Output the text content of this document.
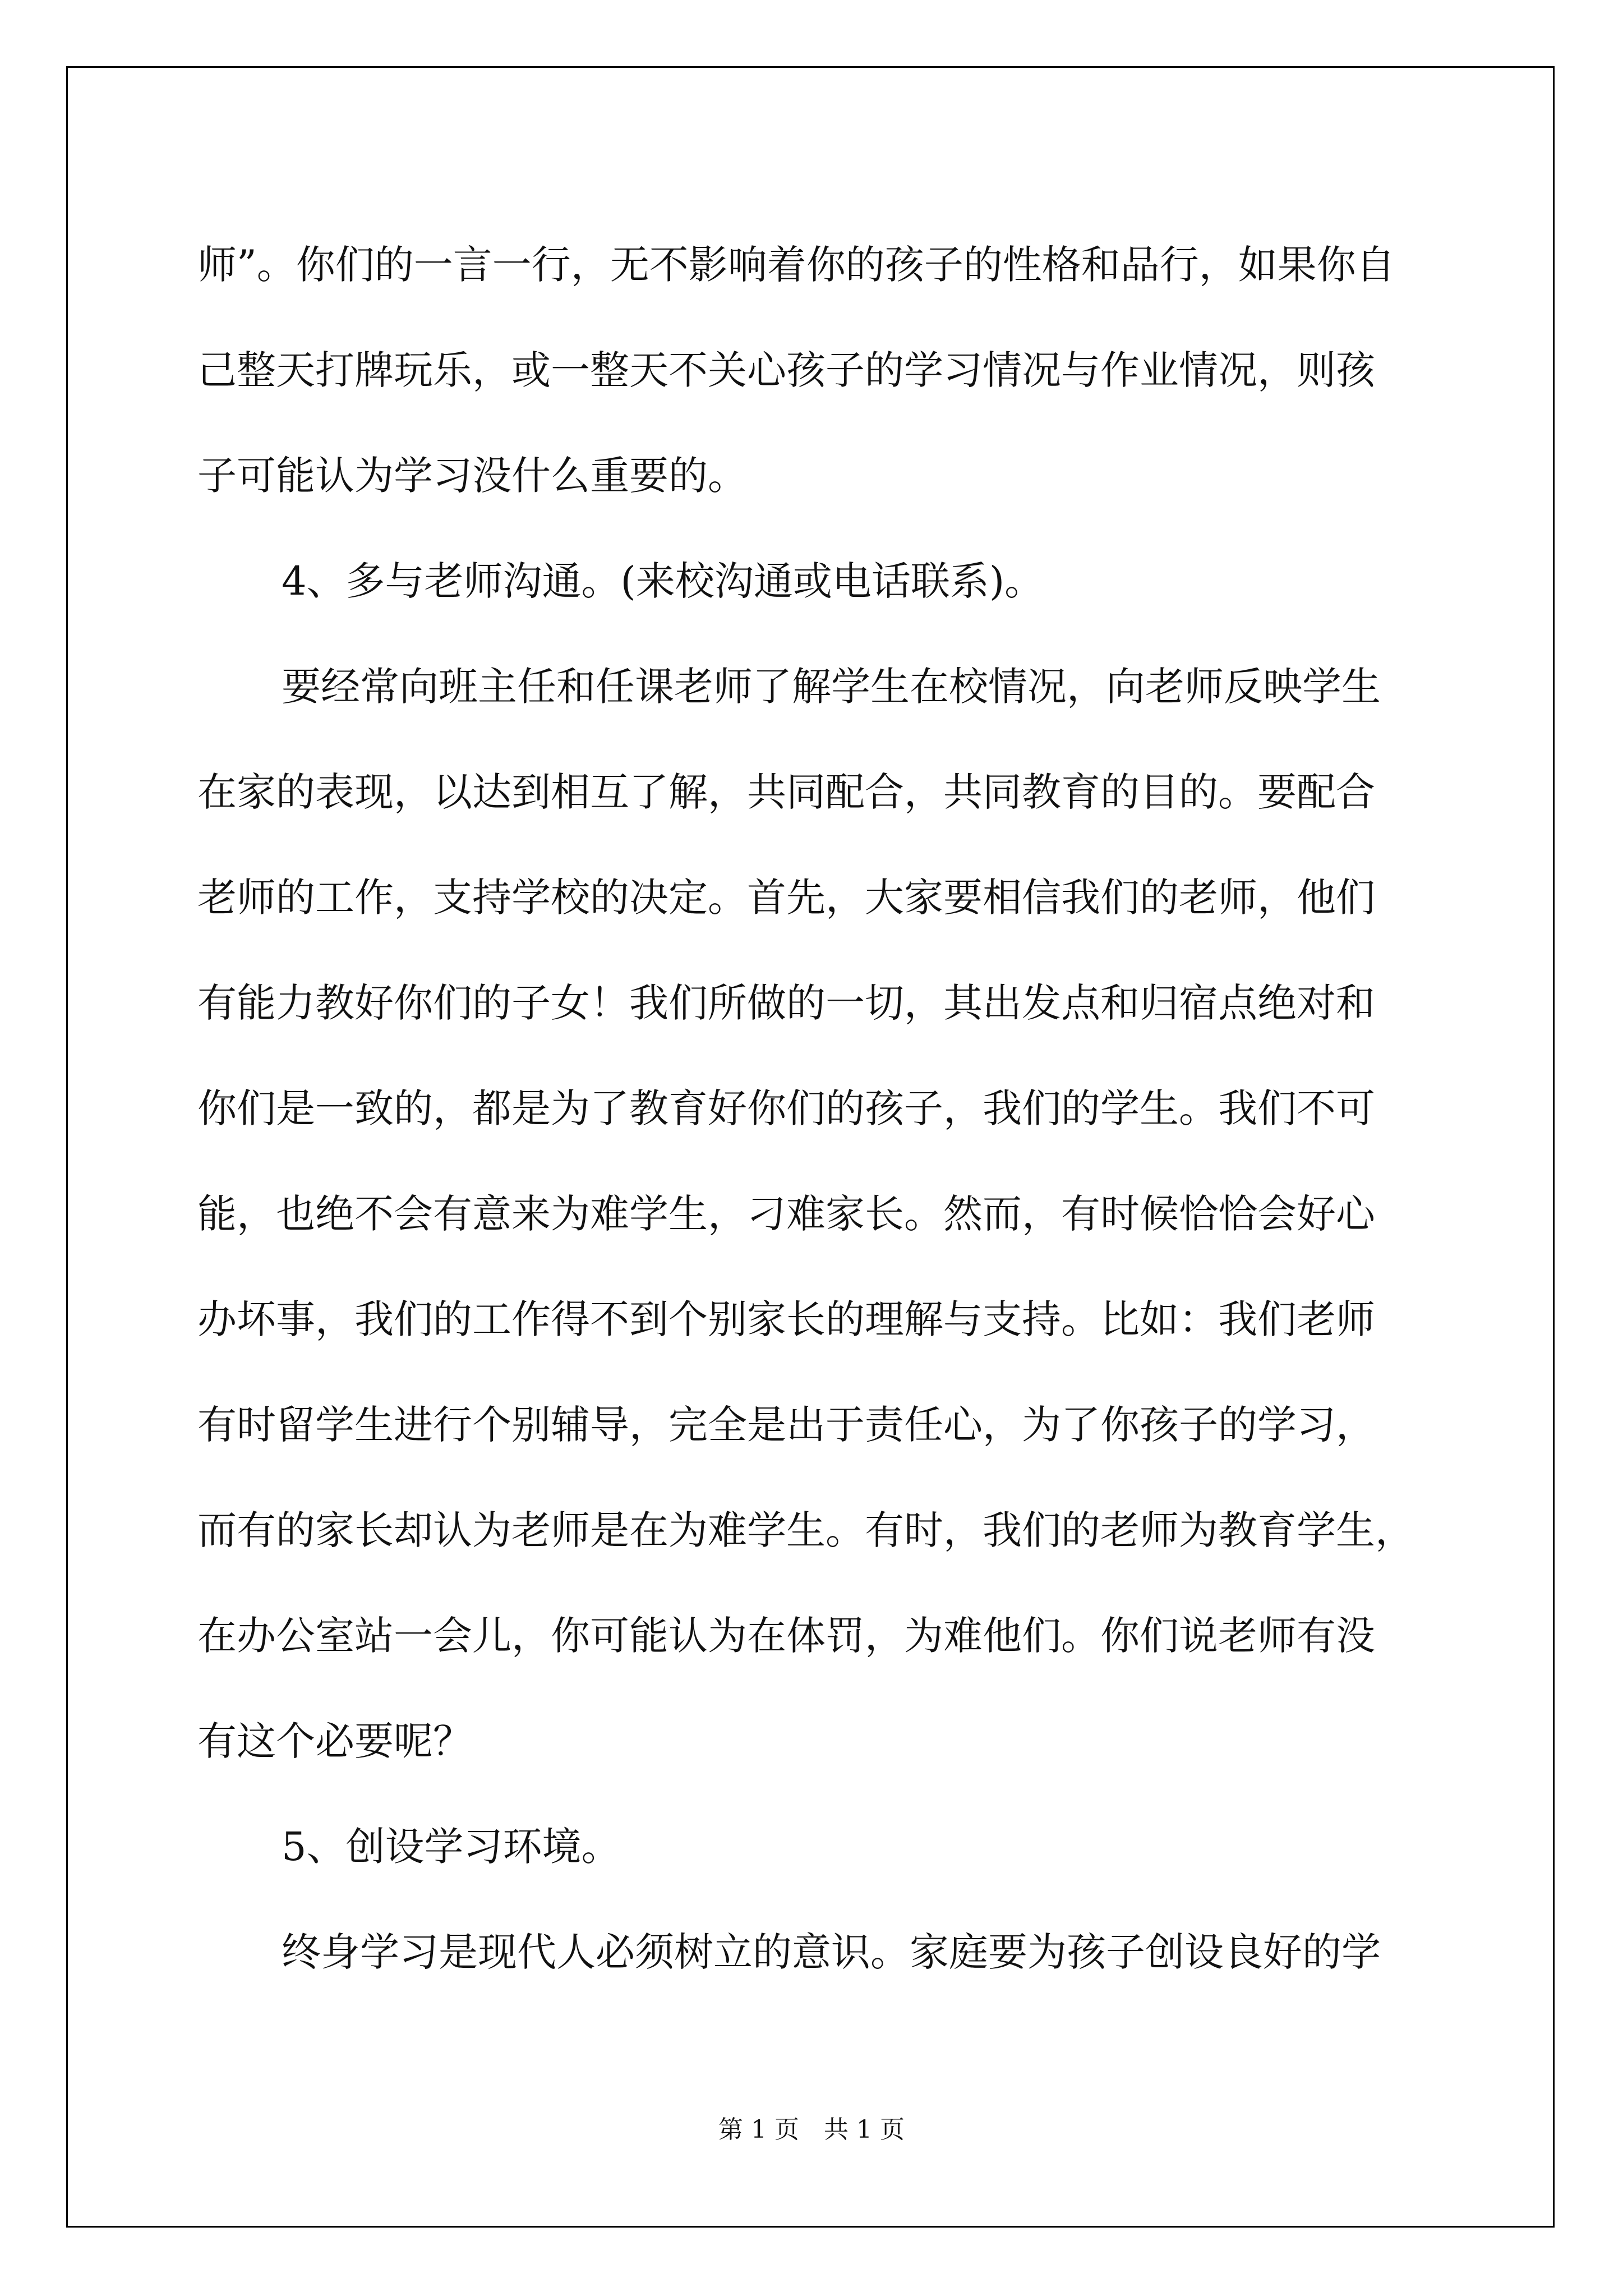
师”。你们的一言一行，无不影响着你的孩子的性格和品行，如果你自
己整天打牌玩乐，或一整天不关心孩子的学习情况与作业情况，则孩
子可能认为学习没什么重要的。
4、多与老师沟通。(来校沟通或电话联系)。
要经常向班主任和任课老师了解学生在校情况，向老师反映学生
在家的表现，以达到相互了解，共同配合，共同教育的目的。要配合
老师的工作，支持学校的决定。首先，大家要相信我们的老师，他们
有能力教好你们的子女！我们所做的一切，其出发点和归宿点绝对和
你们是一致的，都是为了教育好你们的孩子，我们的学生。我们不可
能，也绝不会有意来为难学生，刁难家长。然而，有时候恰恰会好心
办坏事，我们的工作得不到个别家长的理解与支持。比如：我们老师
有时留学生进行个别辅导，完全是出于责任心，为了你孩子的学习，
而有的家长却认为老师是在为难学生。有时，我们的老师为教育学生，
在办公室站一会儿，你可能认为在体罚，为难他们。你们说老师有没
有这个必要呢？
5、创设学习环境。
终身学习是现代人必须树立的意识。家庭要为孩子创设良好的学
第 1 页　共 1 页
